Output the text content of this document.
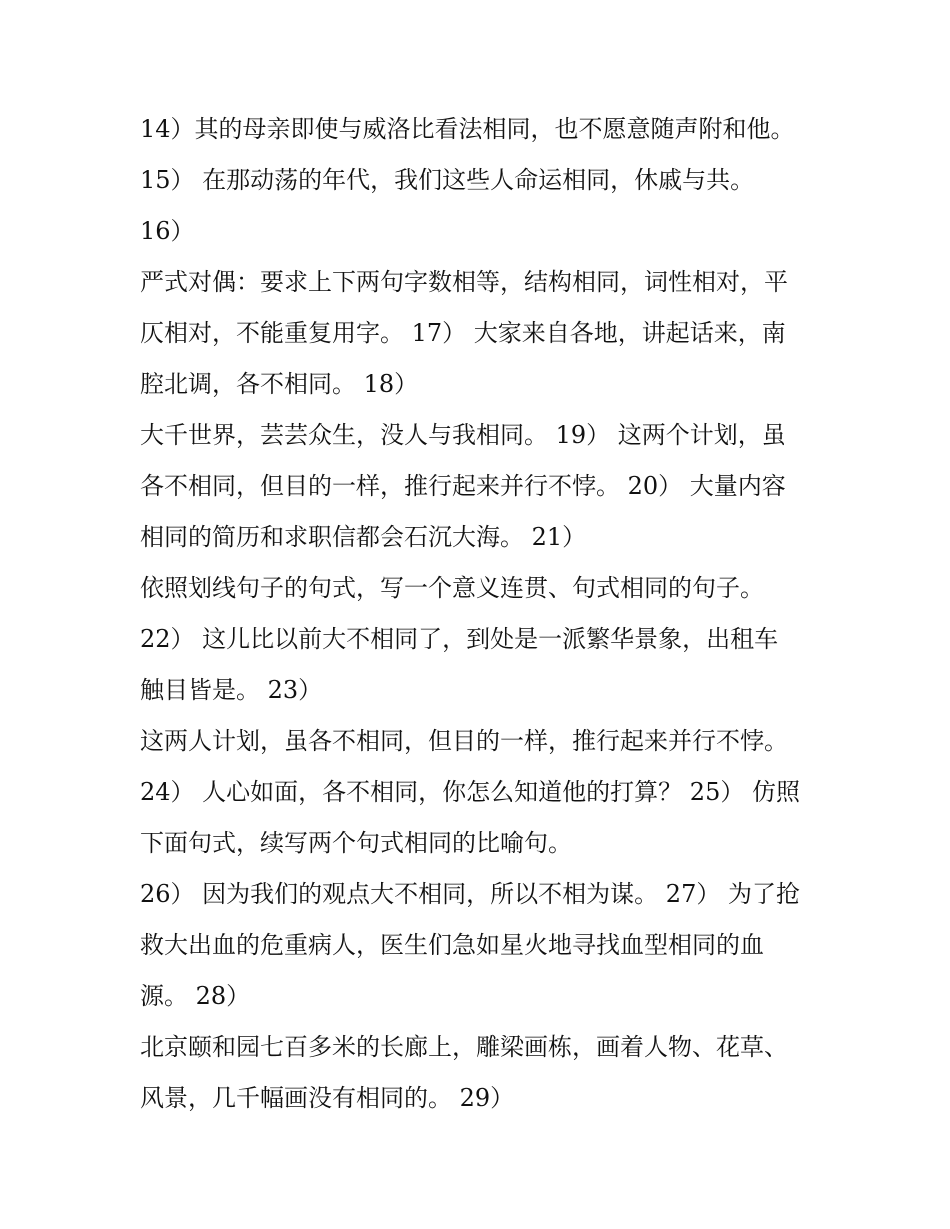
14）其的母亲即使与威洛比看法相同，也不愿意随声附和他。
15） 在那动荡的年代，我们这些人命运相同，休戚与共。
16）
严式对偶：要求上下两句字数相等，结构相同，词性相对，平
仄相对，不能重复用字。 17） 大家来自各地，讲起话来，南
腔北调，各不相同。 18）
大千世界，芸芸众生，没人与我相同。 19） 这两个计划，虽
各不相同，但目的一样，推行起来并行不悖。 20） 大量内容
相同的简历和求职信都会石沉大海。 21）
依照划线句子的句式，写一个意义连贯、句式相同的句子。
22） 这儿比以前大不相同了，到处是一派繁华景象，出租车
触目皆是。 23）
这两人计划，虽各不相同，但目的一样，推行起来并行不悖。
24） 人心如面，各不相同，你怎么知道他的打算？ 25） 仿照
下面句式，续写两个句式相同的比喻句。
26） 因为我们的观点大不相同，所以不相为谋。 27） 为了抢
救大出血的危重病人，医生们急如星火地寻找血型相同的血
源。 28）
北京颐和园七百多米的长廊上，雕梁画栋，画着人物、花草、
风景，几千幅画没有相同的。 29）
